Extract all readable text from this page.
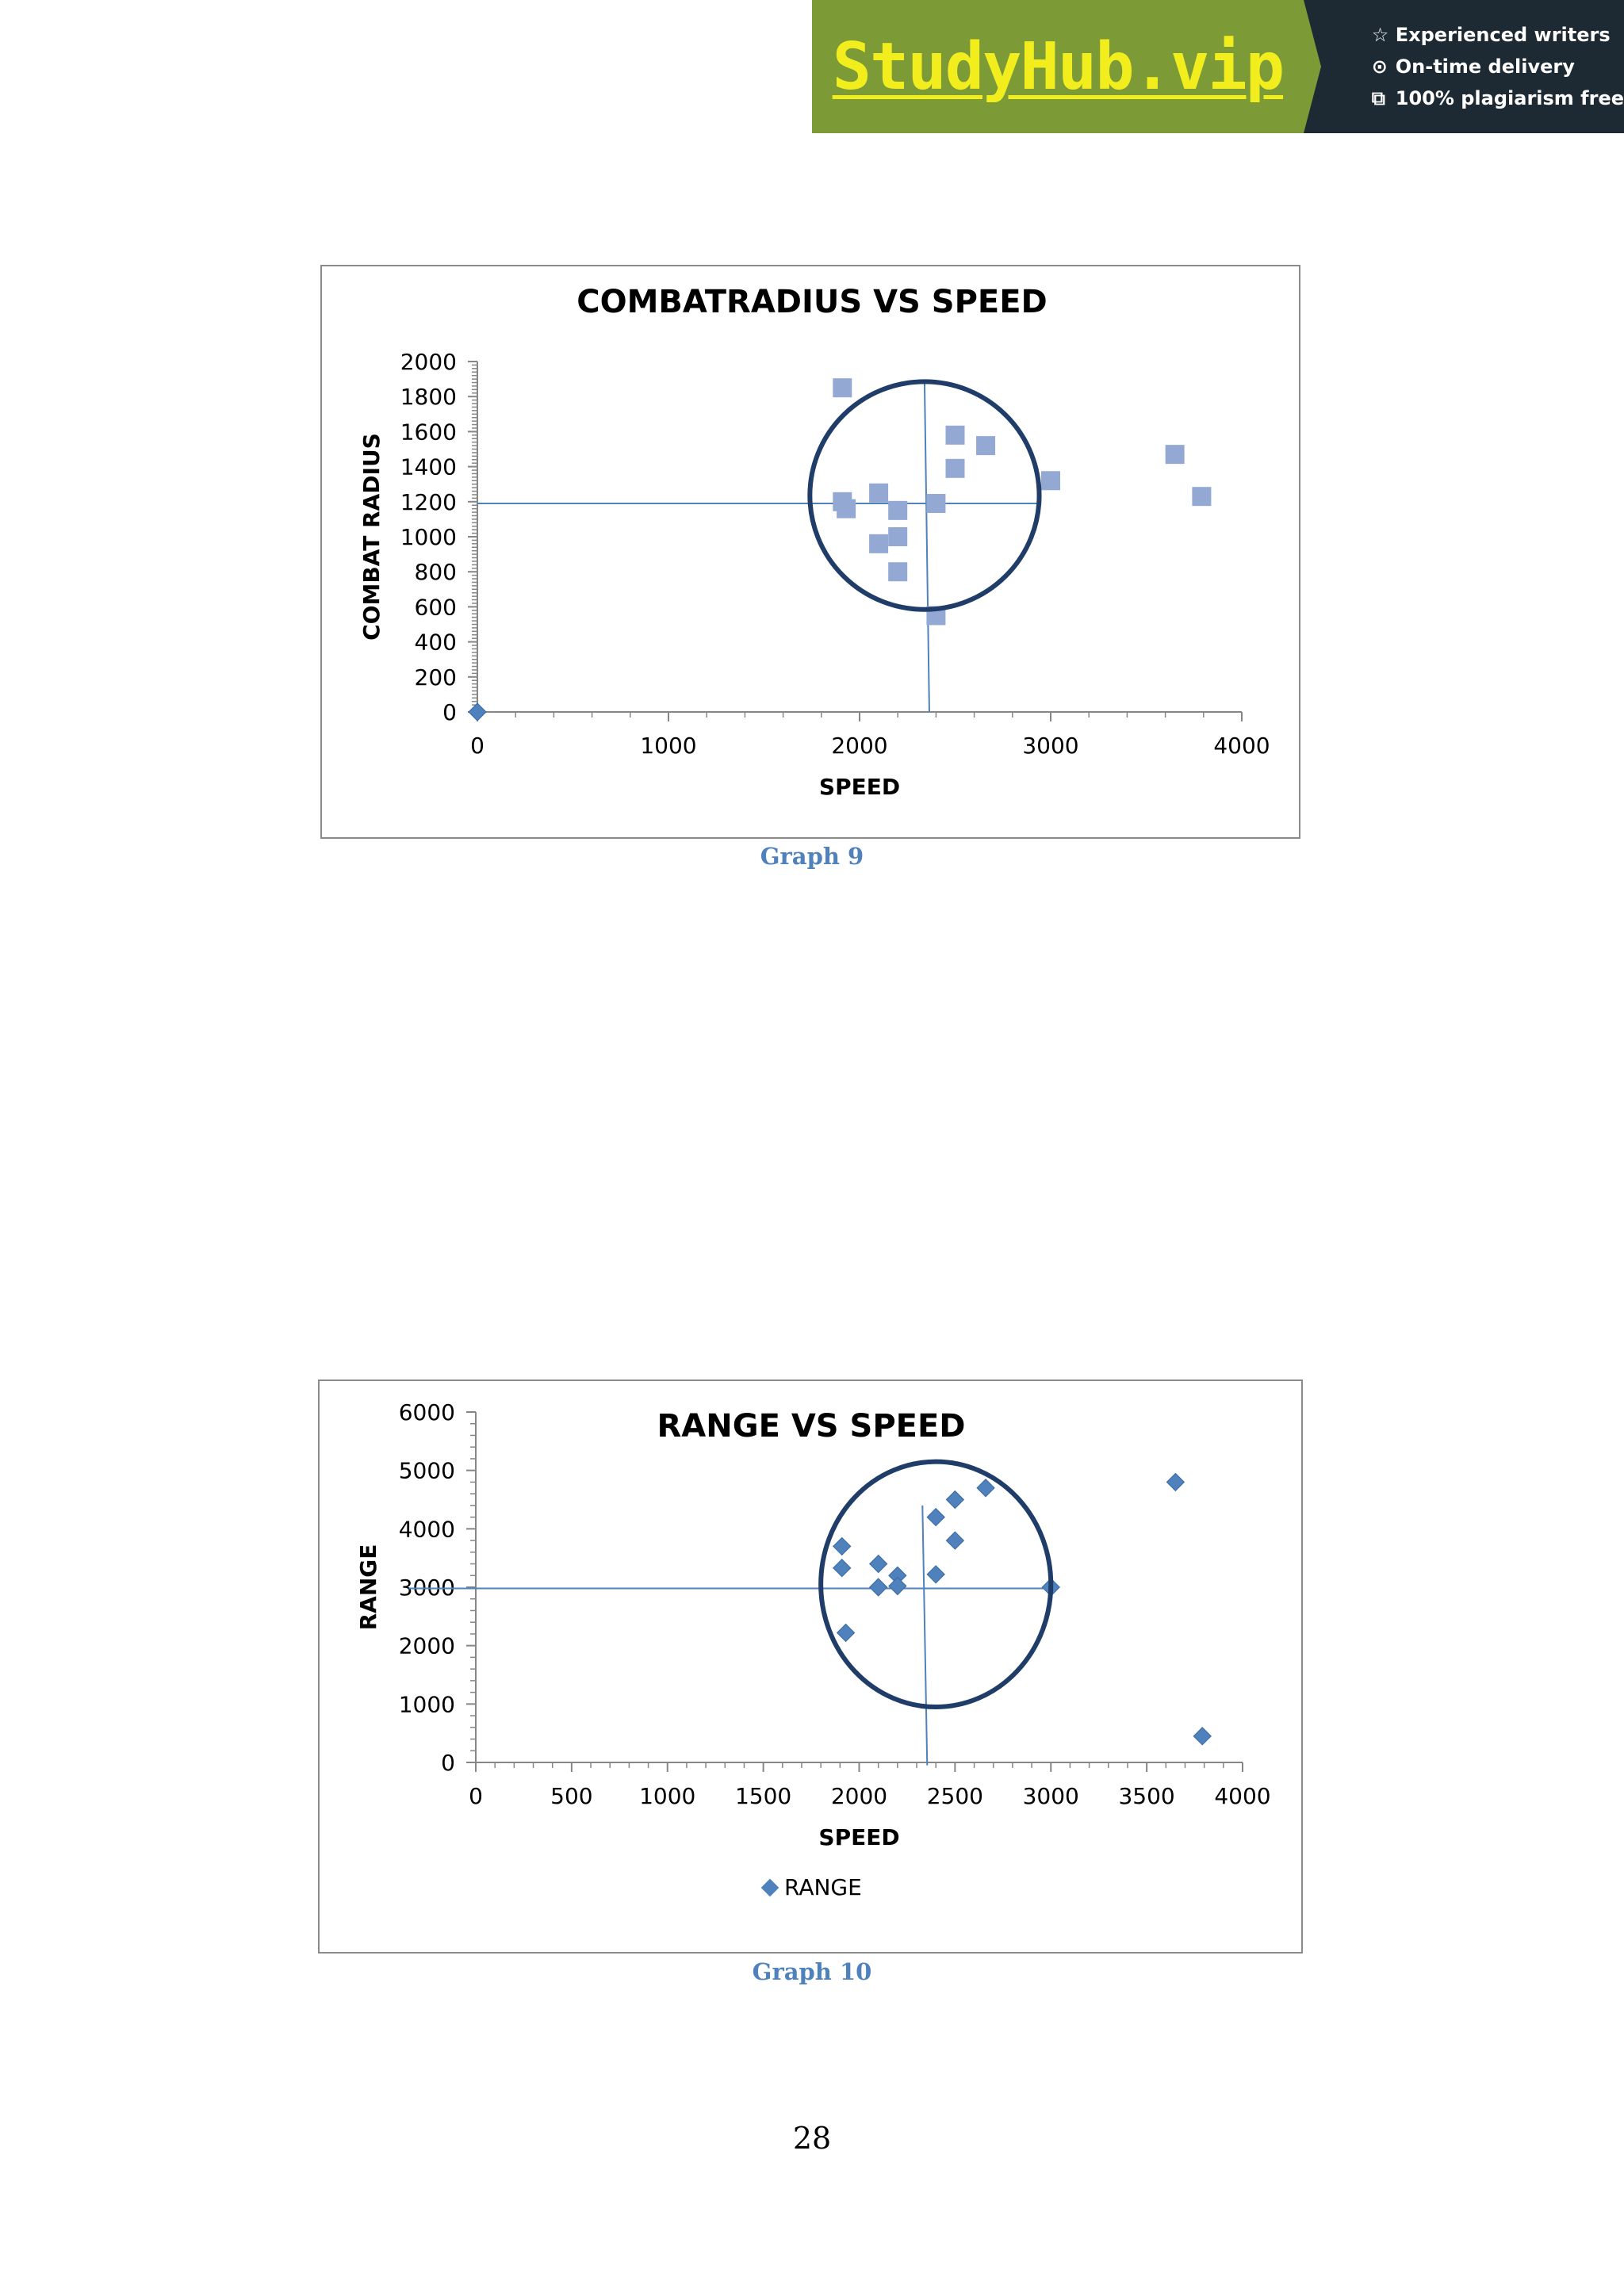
StudyHub.vip	☆ Experienced writers
⊙ On-time delivery
⧉ 100% plagiarism free
COMBATRADIUS VS SPEED
0	1000	2000	3000	4000
0
200
400
600
800
1000
1200
1400
1600
1800
2000
SPEED
COMBAT RADIUS
Graph 9
RANGE VS SPEED
0	500 1000 1500 2000 2500 3000 3500 4000
0
1000
2000
3000
4000
5000
6000
SPEED
RANGE
RANGE
Graph 10
28
